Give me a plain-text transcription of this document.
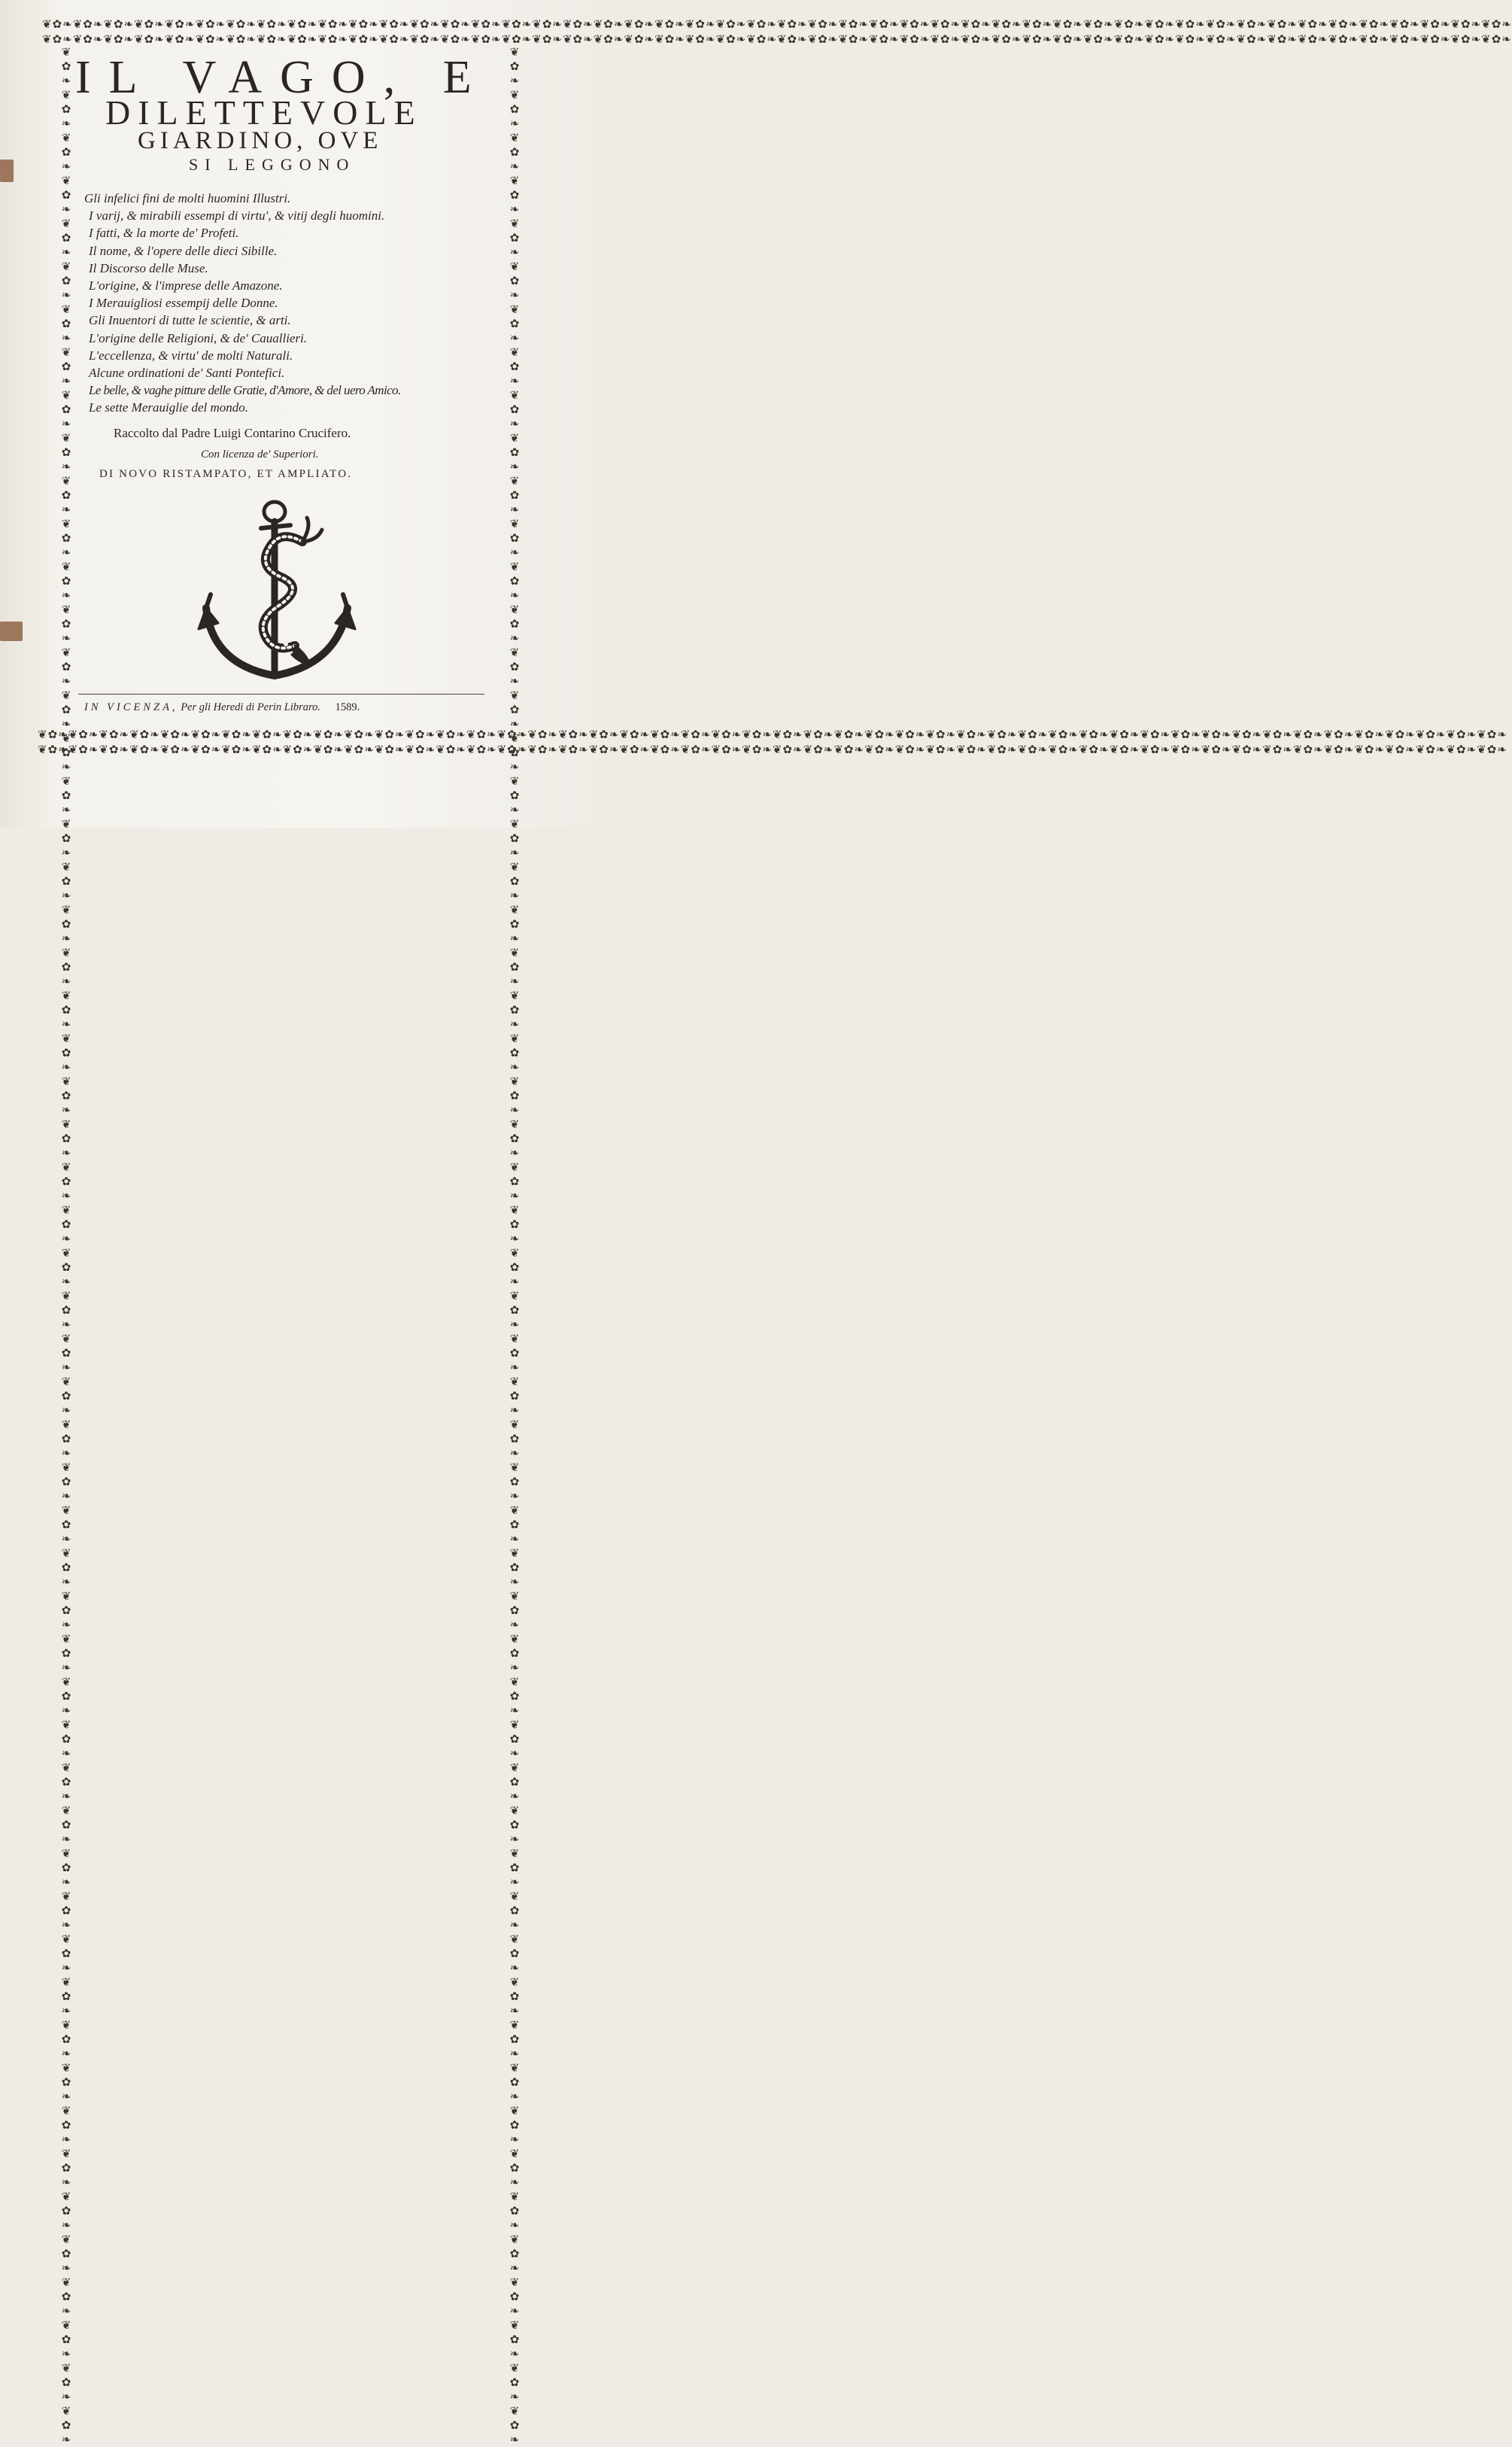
❦✿❧❦✿❧❦✿❧❦✿❧❦✿❧❦✿❧❦✿❧❦✿❧❦✿❧❦✿❧❦✿❧❦✿❧❦✿❧❦✿❧❦✿❧❦✿❧❦✿❧❦✿❧❦✿❧❦✿❧❦✿❧❦✿❧❦✿❧❦✿❧❦✿❧❦✿❧❦✿❧❦✿❧❦✿❧❦✿❧❦✿❧❦✿❧❦✿❧❦✿❧❦✿❧❦✿❧❦✿❧❦✿❧❦✿❧❦✿❧❦✿❧❦✿❧❦✿❧❦✿❧❦✿❧❦✿❧❦✿❧❦✿❧
❦✿❧❦✿❧❦✿❧❦✿❧❦✿❧❦✿❧❦✿❧❦✿❧❦✿❧❦✿❧❦✿❧❦✿❧❦✿❧❦✿❧❦✿❧❦✿❧❦✿❧❦✿❧❦✿❧❦✿❧❦✿❧❦✿❧❦✿❧❦✿❧❦✿❧❦✿❧❦✿❧❦✿❧❦✿❧❦✿❧❦✿❧❦✿❧❦✿❧❦✿❧❦✿❧❦✿❧❦✿❧❦✿❧❦✿❧❦✿❧❦✿❧❦✿❧❦✿❧❦✿❧❦✿❧❦✿❧❦✿❧❦✿❧
❦✿❧❦✿❧❦✿❧❦✿❧❦✿❧❦✿❧❦✿❧❦✿❧❦✿❧❦✿❧❦✿❧❦✿❧❦✿❧❦✿❧❦✿❧❦✿❧❦✿❧❦✿❧❦✿❧❦✿❧❦✿❧❦✿❧❦✿❧❦✿❧❦✿❧❦✿❧❦✿❧❦✿❧❦✿❧❦✿❧❦✿❧❦✿❧❦✿❧❦✿❧❦✿❧❦✿❧❦✿❧❦✿❧❦✿❧❦✿❧❦✿❧❦✿❧❦✿❧❦✿❧❦✿❧❦✿❧❦✿❧❦✿❧
❦✿❧❦✿❧❦✿❧❦✿❧❦✿❧❦✿❧❦✿❧❦✿❧❦✿❧❦✿❧❦✿❧❦✿❧❦✿❧❦✿❧❦✿❧❦✿❧❦✿❧❦✿❧❦✿❧❦✿❧❦✿❧❦✿❧❦✿❧❦✿❧❦✿❧❦✿❧❦✿❧❦✿❧❦✿❧❦✿❧❦✿❧❦✿❧❦✿❧❦✿❧❦✿❧❦✿❧❦✿❧❦✿❧❦✿❧❦✿❧❦✿❧❦✿❧❦✿❧❦✿❧❦✿❧❦✿❧❦✿❧❦✿❧
❦✿❧❦✿❧❦✿❧❦✿❧❦✿❧❦✿❧❦✿❧❦✿❧❦✿❧❦✿❧❦✿❧❦✿❧❦✿❧❦✿❧❦✿❧❦✿❧❦✿❧❦✿❧❦✿❧❦✿❧❦✿❧❦✿❧❦✿❧❦✿❧❦✿❧❦✿❧❦✿❧❦✿❧❦✿❧❦✿❧❦✿❧❦✿❧❦✿❧❦✿❧❦✿❧❦✿❧❦✿❧❦✿❧❦✿❧❦✿❧❦✿❧❦✿❧❦✿❧❦✿❧❦✿❧❦✿❧❦✿❧❦✿❧❦✿❧❦✿❧❦✿❧❦✿❧❦✿❧❦✿❧❦✿❧❦✿❧	❦✿❧❦✿❧❦✿❧❦✿❧❦✿❧❦✿❧❦✿❧❦✿❧❦✿❧❦✿❧❦✿❧❦✿❧❦✿❧❦✿❧❦✿❧❦✿❧❦✿❧❦✿❧❦✿❧❦✿❧❦✿❧❦✿❧❦✿❧❦✿❧❦✿❧❦✿❧❦✿❧❦✿❧❦✿❧❦✿❧❦✿❧❦✿❧❦✿❧❦✿❧❦✿❧❦✿❧❦✿❧❦✿❧❦✿❧❦✿❧❦✿❧❦✿❧❦✿❧❦✿❧❦✿❧❦✿❧❦✿❧❦✿❧❦✿❧❦✿❧❦✿❧❦✿❧❦✿❧❦✿❧❦✿❧❦✿❧
IL VAGO, E
DILETTEVOLE
GIARDINO, OVE
SI LEGGONO
Gli infelici fini de molti huomini Illustri.
I varij, & mirabili essempi di virtu', & vitij degli huomini.
I fatti, & la morte de' Profeti.
Il nome, & l'opere delle dieci Sibille.
Il Discorso delle Muse.
L'origine, & l'imprese delle Amazone.
I Merauigliosi essempij delle Donne.
Gli Inuentori di tutte le scientie, & arti.
L'origine delle Religioni, & de' Cauallieri.
L'eccellenza, & virtu' de molti Naturali.
Alcune ordinationi de' Santi Pontefici.
Le belle, & vaghe pitture delle Gratie, d'Amore, & del uero Amico.
Le sette Merauiglie del mondo.
Raccolto dal Padre Luigi Contarino Crucifero.
Con licenza de' Superiori.
DI NOVO RISTAMPATO, ET AMPLIATO.
IN VICENZA, Per gli Heredi di Perin Libraro. 1589.
